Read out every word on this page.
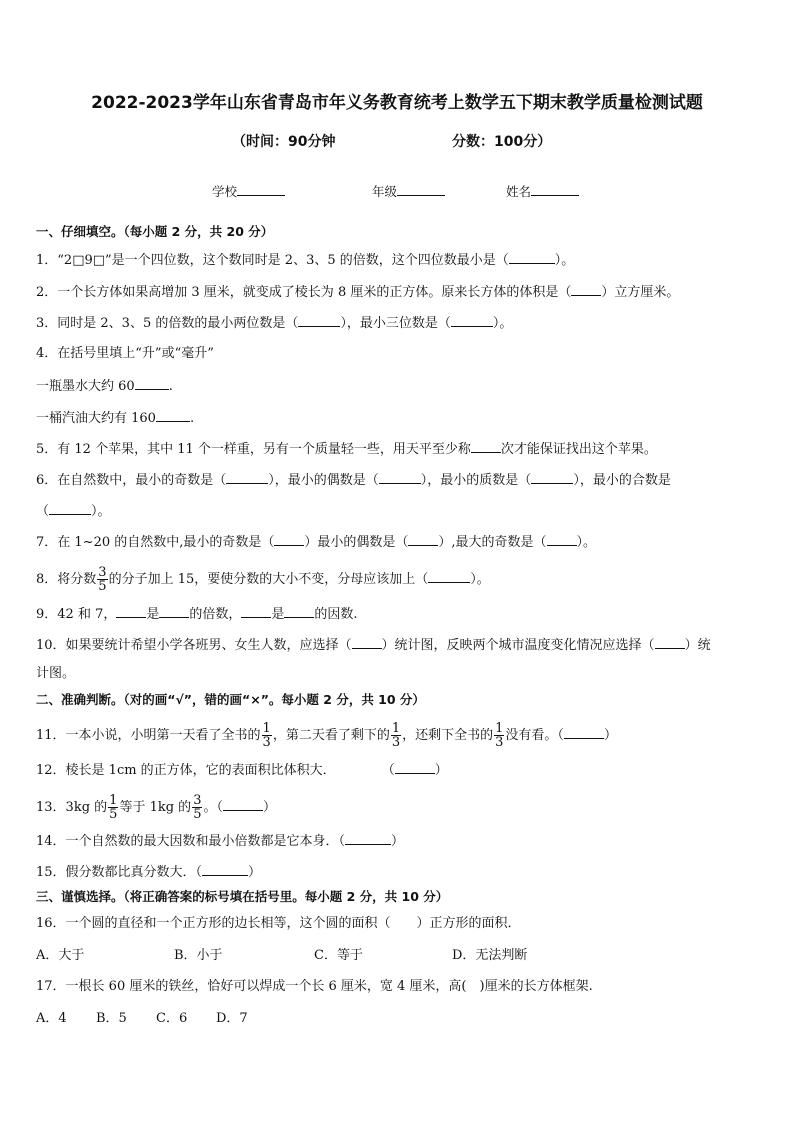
2022-2023学年山东省青岛市年义务教育统考上数学五下期末教学质量检测试题
（时间：90分钟	分数：100分）
学校	年级	姓名
一、仔细填空。（每小题 2 分，共 20 分）
1．“2□9□”是一个四位数，这个数同时是 2、3、5 的倍数，这个四位数最小是（	）。
2．一个长方体如果高增加 3 厘米，就变成了棱长为 8 厘米的正方体。原来长方体的体积是（ ）立方厘米。
3．同时是 2、3、5 的倍数的最小两位数是（	），最小三位数是（	）。
4．在括号里填上“升”或“毫升”
一瓶墨水大约 60	.
一桶汽油大约有 160	.
5．有 12 个苹果，其中 11 个一样重，另有一个质量轻一些，用天平至少称 次才能保证找出这个苹果。
6．在自然数中，最小的奇数是（	），最小的偶数是（	），最小的质数是（	），最小的合数是
（	）。
7．在 1~20 的自然数中,最小的奇数是（ ）最小的偶数是（ ）,最大的奇数是（ ）。
8．将分数 $\frac{3}{5}$ 的分子加上 15，要使分数的大小不变，分母应该加上（	）。
9．42 和 7， 是 的倍数， 是 的因数.
10．如果要统计希望小学各班男、女生人数，应选择（ ）统计图，反映两个城市温度变化情况应选择（ ）统
计图。
二、准确判断。（对的画“√”，错的画“×”。每小题 2 分，共 10 分）
11．一本小说，小明第一天看了全书的 $\frac{1}{3}$ ，第二天看了剩下的 $\frac{1}{3}$ ，还剩下全书的 $\frac{1}{3}$ 没有看。（	）
12．棱长是 1cm 的正方体，它的表面积比体积大．	（	）
13．3kg 的 $\frac{1}{5}$ 等于 1kg 的 $\frac{3}{5}$ 。（	）
14．一个自然数的最大因数和最小倍数都是它本身．（	）
15．假分数都比真分数大．（	）
三、谨慎选择。（将正确答案的标号填在括号里。每小题 2 分，共 10 分）
16．一个圆的直径和一个正方形的边长相等，这个圆的面积（　　）正方形的面积．
A．大于	B．小于	C．等于	D．无法判断
17．一根长 60 厘米的铁丝，恰好可以焊成一个长 6 厘米，宽 4 厘米，高(　)厘米的长方体框架.
A．4 B．5 C．6 D．7
